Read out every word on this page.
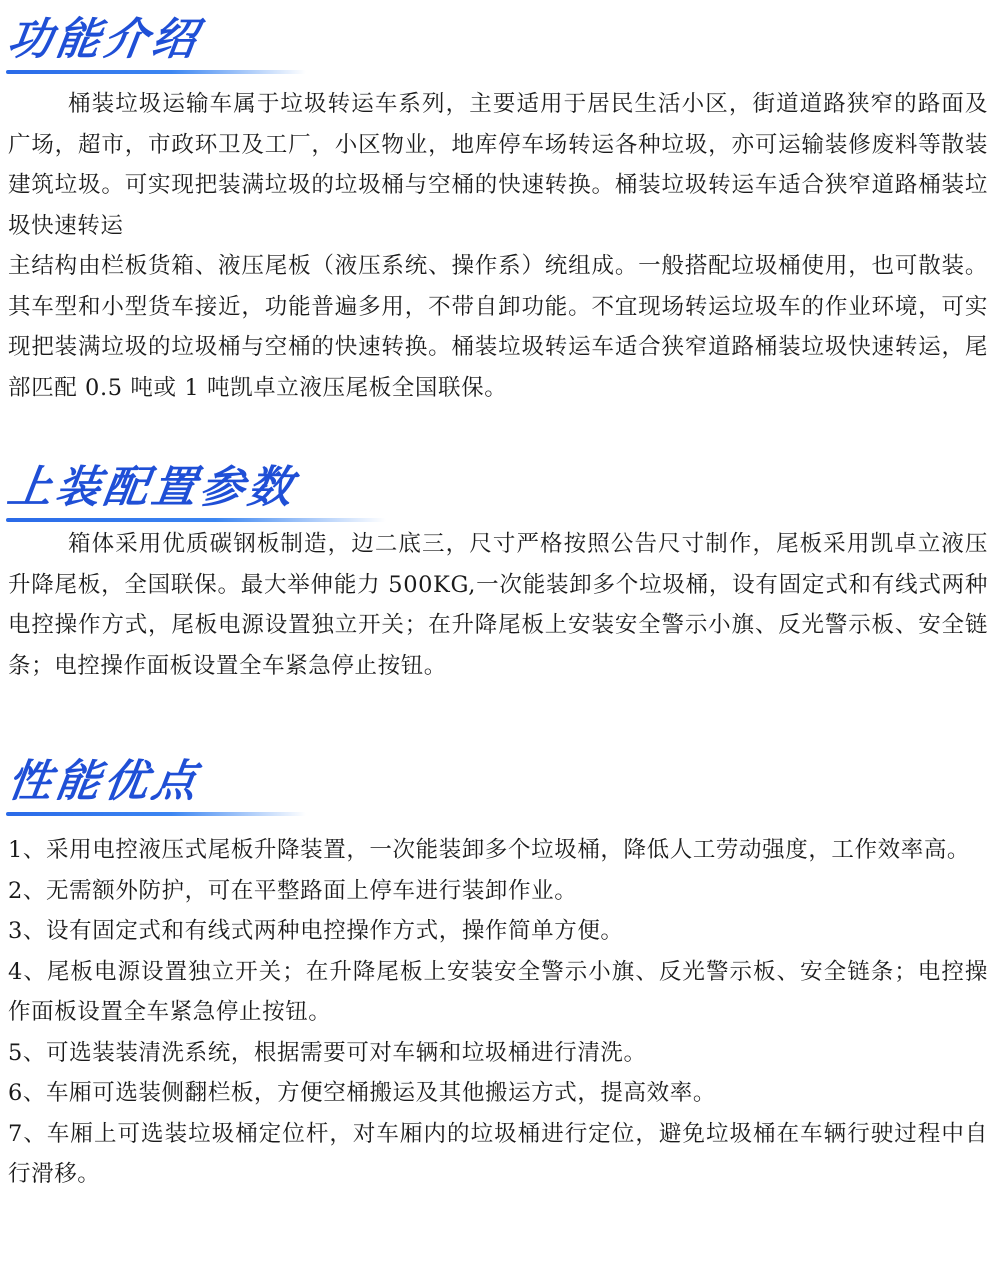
功能介绍

桶装垃圾运输车属于垃圾转运车系列，主要适用于居民生活小区，街道道路狭窄的路面及广场，超市，市政环卫及工厂，小区物业，地库停车场转运各种垃圾，亦可运输装修废料等散装建筑垃圾。可实现把装满垃圾的垃圾桶与空桶的快速转换。桶装垃圾转运车适合狭窄道路桶装垃圾快速转运

主结构由栏板货箱、液压尾板（液压系统、操作系）统组成。一般搭配垃圾桶使用，也可散装。其车型和小型货车接近，功能普遍多用，不带自卸功能。不宜现场转运垃圾车的作业环境，可实现把装满垃圾的垃圾桶与空桶的快速转换。桶装垃圾转运车适合狭窄道路桶装垃圾快速转运，尾部匹配 0.5 吨或 1 吨凯卓立液压尾板全国联保。

上装配置参数

箱体采用优质碳钢板制造，边二底三，尺寸严格按照公告尺寸制作，尾板采用凯卓立液压升降尾板，全国联保。最大举伸能力 500KG,一次能装卸多个垃圾桶，设有固定式和有线式两种电控操作方式，尾板电源设置独立开关；在升降尾板上安装安全警示小旗、反光警示板、安全链条；电控操作面板设置全车紧急停止按钮。

性能优点

1、采用电控液压式尾板升降装置，一次能装卸多个垃圾桶，降低人工劳动强度，工作效率高。

2、无需额外防护，可在平整路面上停车进行装卸作业。

3、设有固定式和有线式两种电控操作方式，操作简单方便。

4、尾板电源设置独立开关；在升降尾板上安装安全警示小旗、反光警示板、安全链条；电控操作面板设置全车紧急停止按钮。

5、可选装装清洗系统，根据需要可对车辆和垃圾桶进行清洗。

6、车厢可选装侧翻栏板，方便空桶搬运及其他搬运方式，提高效率。

7、车厢上可选装垃圾桶定位杆，对车厢内的垃圾桶进行定位，避免垃圾桶在车辆行驶过程中自行滑移。
